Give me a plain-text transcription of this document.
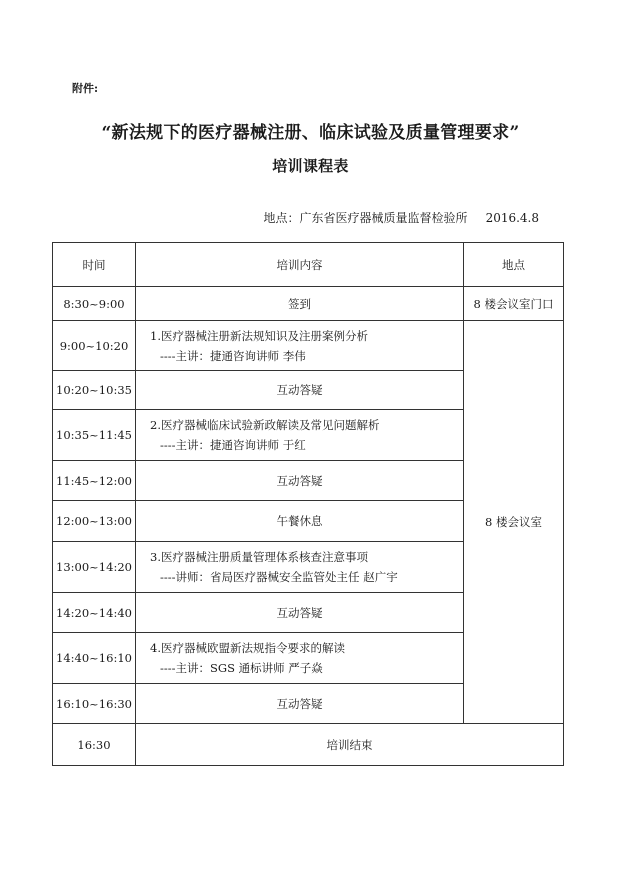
附件:
“新法规下的医疗器械注册、临床试验及质量管理要求”
培训课程表
地点：广东省医疗器械质量监督检验所 2016.4.8
时间	培训内容	地点
8:30~9:00	签到	8 楼会议室门口
9:00~10:20	1.医疗器械注册新法规知识及注册案例分析
----主讲：捷通咨询讲师 李伟	8 楼会议室
10:20~10:35	互动答疑	
10:35~11:45	2.医疗器械临床试验新政解读及常见问题解析
----主讲：捷通咨询讲师 于红	

11:45~12:00	互动答疑	
12:00~13:00	午餐休息	
13:00~14:20	3.医疗器械注册质量管理体系核查注意事项
----讲师：省局医疗器械安全监管处主任 赵广宇	

14:20~14:40	互动答疑	
14:40~16:10	4.医疗器械欧盟新法规指令要求的解读
----主讲：SGS 通标讲师 严子焱	

16:10~16:30	互动答疑	
16:30	培训结束	
